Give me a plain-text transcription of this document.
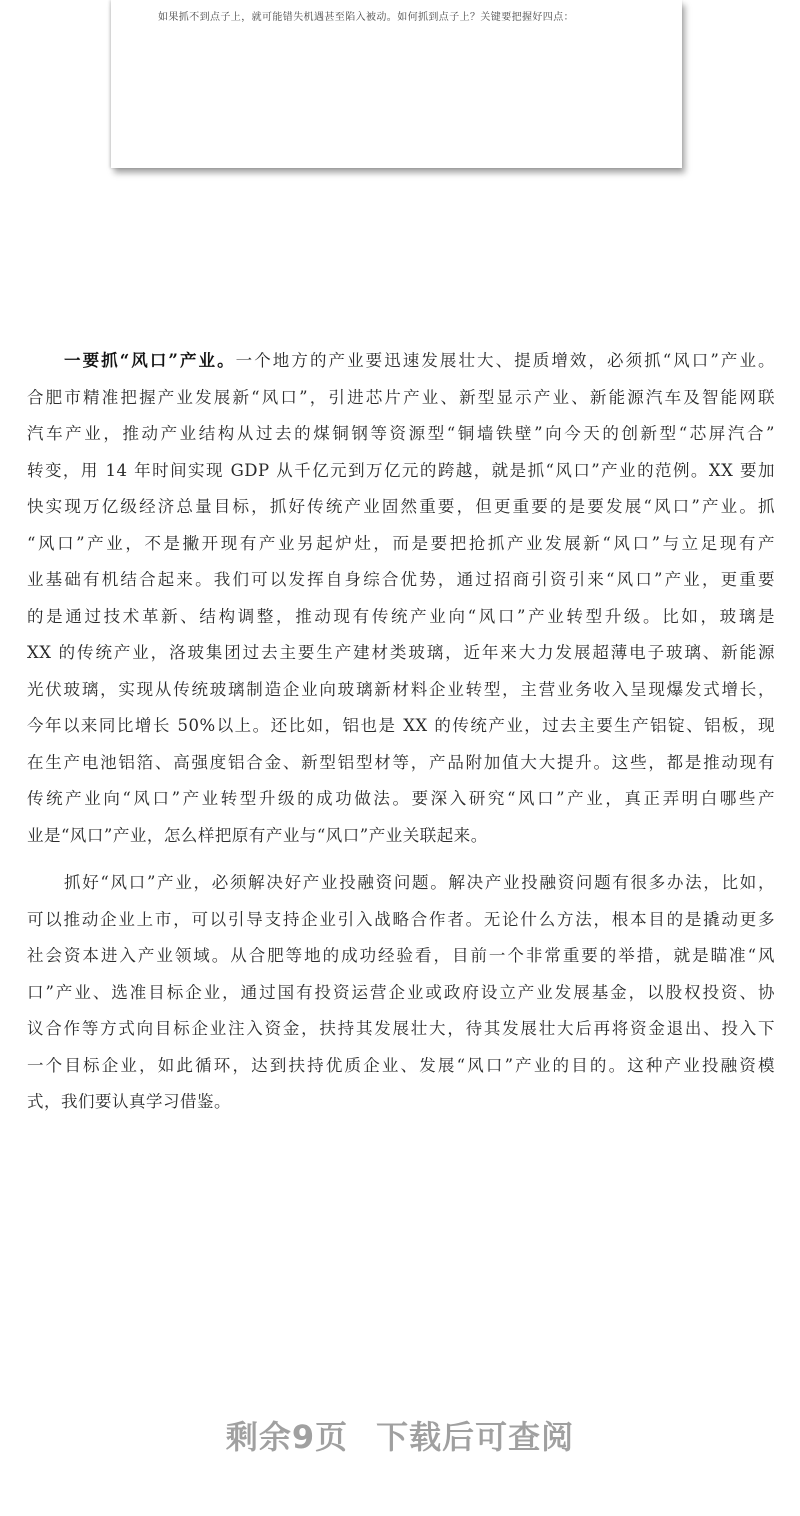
如果抓不到点子上，就可能错失机遇甚至陷入被动。如何抓到点子上？关键要把握好四点：
一要抓“风口”产业。一个地方的产业要迅速发展壮大、提质增效，必须抓“风口”产业。
合肥市精准把握产业发展新“风口”，引进芯片产业、新型显示产业、新能源汽车及智能网联
汽车产业，推动产业结构从过去的煤铜钢等资源型“铜墙铁壁”向今天的创新型“芯屏汽合”
转变，用 14 年时间实现 GDP 从千亿元到万亿元的跨越，就是抓“风口”产业的范例。XX 要加
快实现万亿级经济总量目标，抓好传统产业固然重要，但更重要的是要发展“风口”产业。抓
“风口”产业，不是撇开现有产业另起炉灶，而是要把抢抓产业发展新“风口”与立足现有产
业基础有机结合起来。我们可以发挥自身综合优势，通过招商引资引来“风口”产业，更重要
的是通过技术革新、结构调整，推动现有传统产业向“风口”产业转型升级。比如，玻璃是
XX 的传统产业，洛玻集团过去主要生产建材类玻璃，近年来大力发展超薄电子玻璃、新能源
光伏玻璃，实现从传统玻璃制造企业向玻璃新材料企业转型，主营业务收入呈现爆发式增长，
今年以来同比增长 50%以上。还比如，铝也是 XX 的传统产业，过去主要生产铝锭、铝板，现
在生产电池铝箔、高强度铝合金、新型铝型材等，产品附加值大大提升。这些，都是推动现有
传统产业向“风口”产业转型升级的成功做法。要深入研究“风口”产业，真正弄明白哪些产
业是“风口”产业，怎么样把原有产业与“风口”产业关联起来。
抓好“风口”产业，必须解决好产业投融资问题。解决产业投融资问题有很多办法，比如，
可以推动企业上市，可以引导支持企业引入战略合作者。无论什么方法，根本目的是撬动更多
社会资本进入产业领域。从合肥等地的成功经验看，目前一个非常重要的举措，就是瞄准“风
口”产业、选准目标企业，通过国有投资运营企业或政府设立产业发展基金，以股权投资、协
议合作等方式向目标企业注入资金，扶持其发展壮大，待其发展壮大后再将资金退出、投入下
一个目标企业，如此循环，达到扶持优质企业、发展“风口”产业的目的。这种产业投融资模
式，我们要认真学习借鉴。
剩余9页 下载后可查阅
